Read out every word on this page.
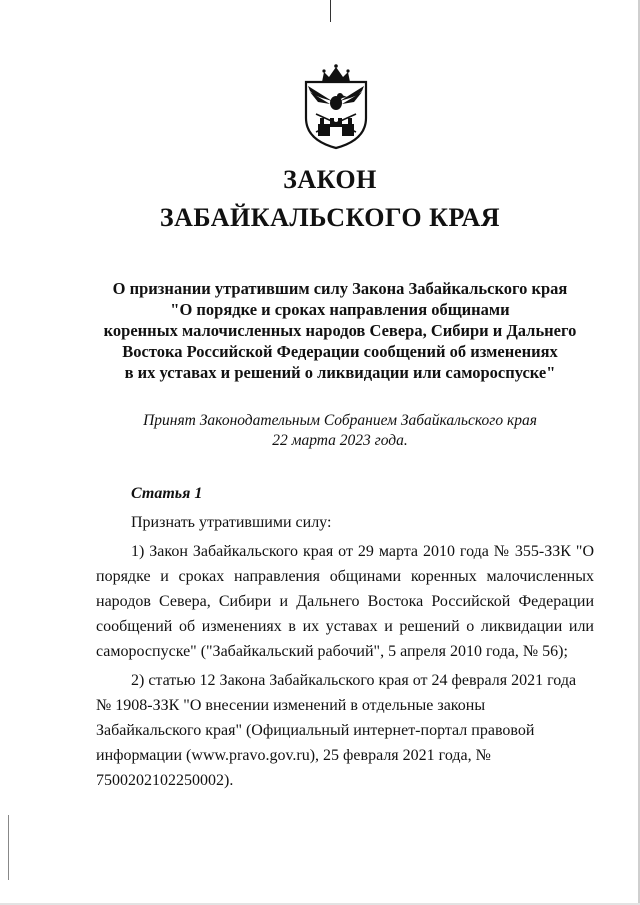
ЗАКОН
ЗАБАЙКАЛЬСКОГО КРАЯ
О признании утратившим силу Закона Забайкальского края
"О порядке и сроках направления общинами
коренных малочисленных народов Севера, Сибири и Дальнего
Востока Российской Федерации сообщений об изменениях
в их уставах и решений о ликвидации или самороспуске"
Принят Законодательным Собранием Забайкальского края
22 марта 2023 года.
Статья 1

Признать утратившими силу:

1) Закон Забайкальского края от 29 марта 2010 года № 355-ЗЗК "О порядке и сроках направления общинами коренных малочисленных народов Севера, Сибири и Дальнего Востока Российской Федерации сообщений об изменениях в их уставах и решений о ликвидации или самороспуске" ("Забайкальский рабочий", 5 апреля 2010 года, № 56);

2) статью 12 Закона Забайкальского края от 24 февраля 2021 года № 1908-ЗЗК "О внесении изменений в отдельные законы Забайкальского края" (Официальный интернет-портал правовой информации (www.pravo.gov.ru), 25 февраля 2021 года, № 7500202102250002).
